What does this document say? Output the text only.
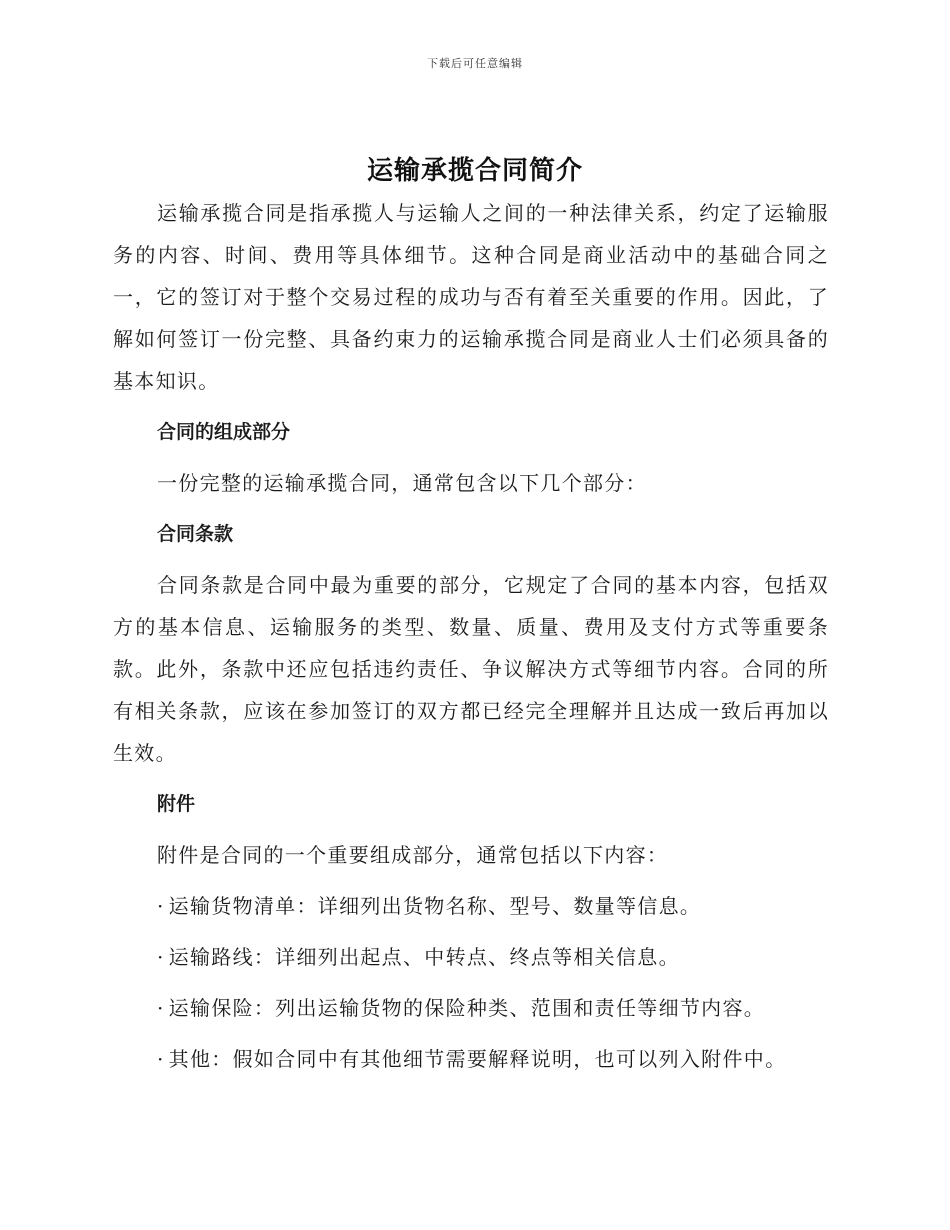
下载后可任意编辑
运输承揽合同简介

运输承揽合同是指承揽人与运输人之间的一种法律关系，约定了运输服务的内容、时间、费用等具体细节。这种合同是商业活动中的基础合同之一，它的签订对于整个交易过程的成功与否有着至关重要的作用。因此，了解如何签订一份完整、具备约束力的运输承揽合同是商业人士们必须具备的基本知识。

合同的组成部分

一份完整的运输承揽合同，通常包含以下几个部分：

合同条款

合同条款是合同中最为重要的部分，它规定了合同的基本内容，包括双方的基本信息、运输服务的类型、数量、质量、费用及支付方式等重要条款。此外，条款中还应包括违约责任、争议解决方式等细节内容。合同的所有相关条款，应该在参加签订的双方都已经完全理解并且达成一致后再加以生效。

附件

附件是合同的一个重要组成部分，通常包括以下内容：

· 运输货物清单：详细列出货物名称、型号、数量等信息。
· 运输路线：详细列出起点、中转点、终点等相关信息。
· 运输保险：列出运输货物的保险种类、范围和责任等细节内容。
· 其他：假如合同中有其他细节需要解释说明，也可以列入附件中。
